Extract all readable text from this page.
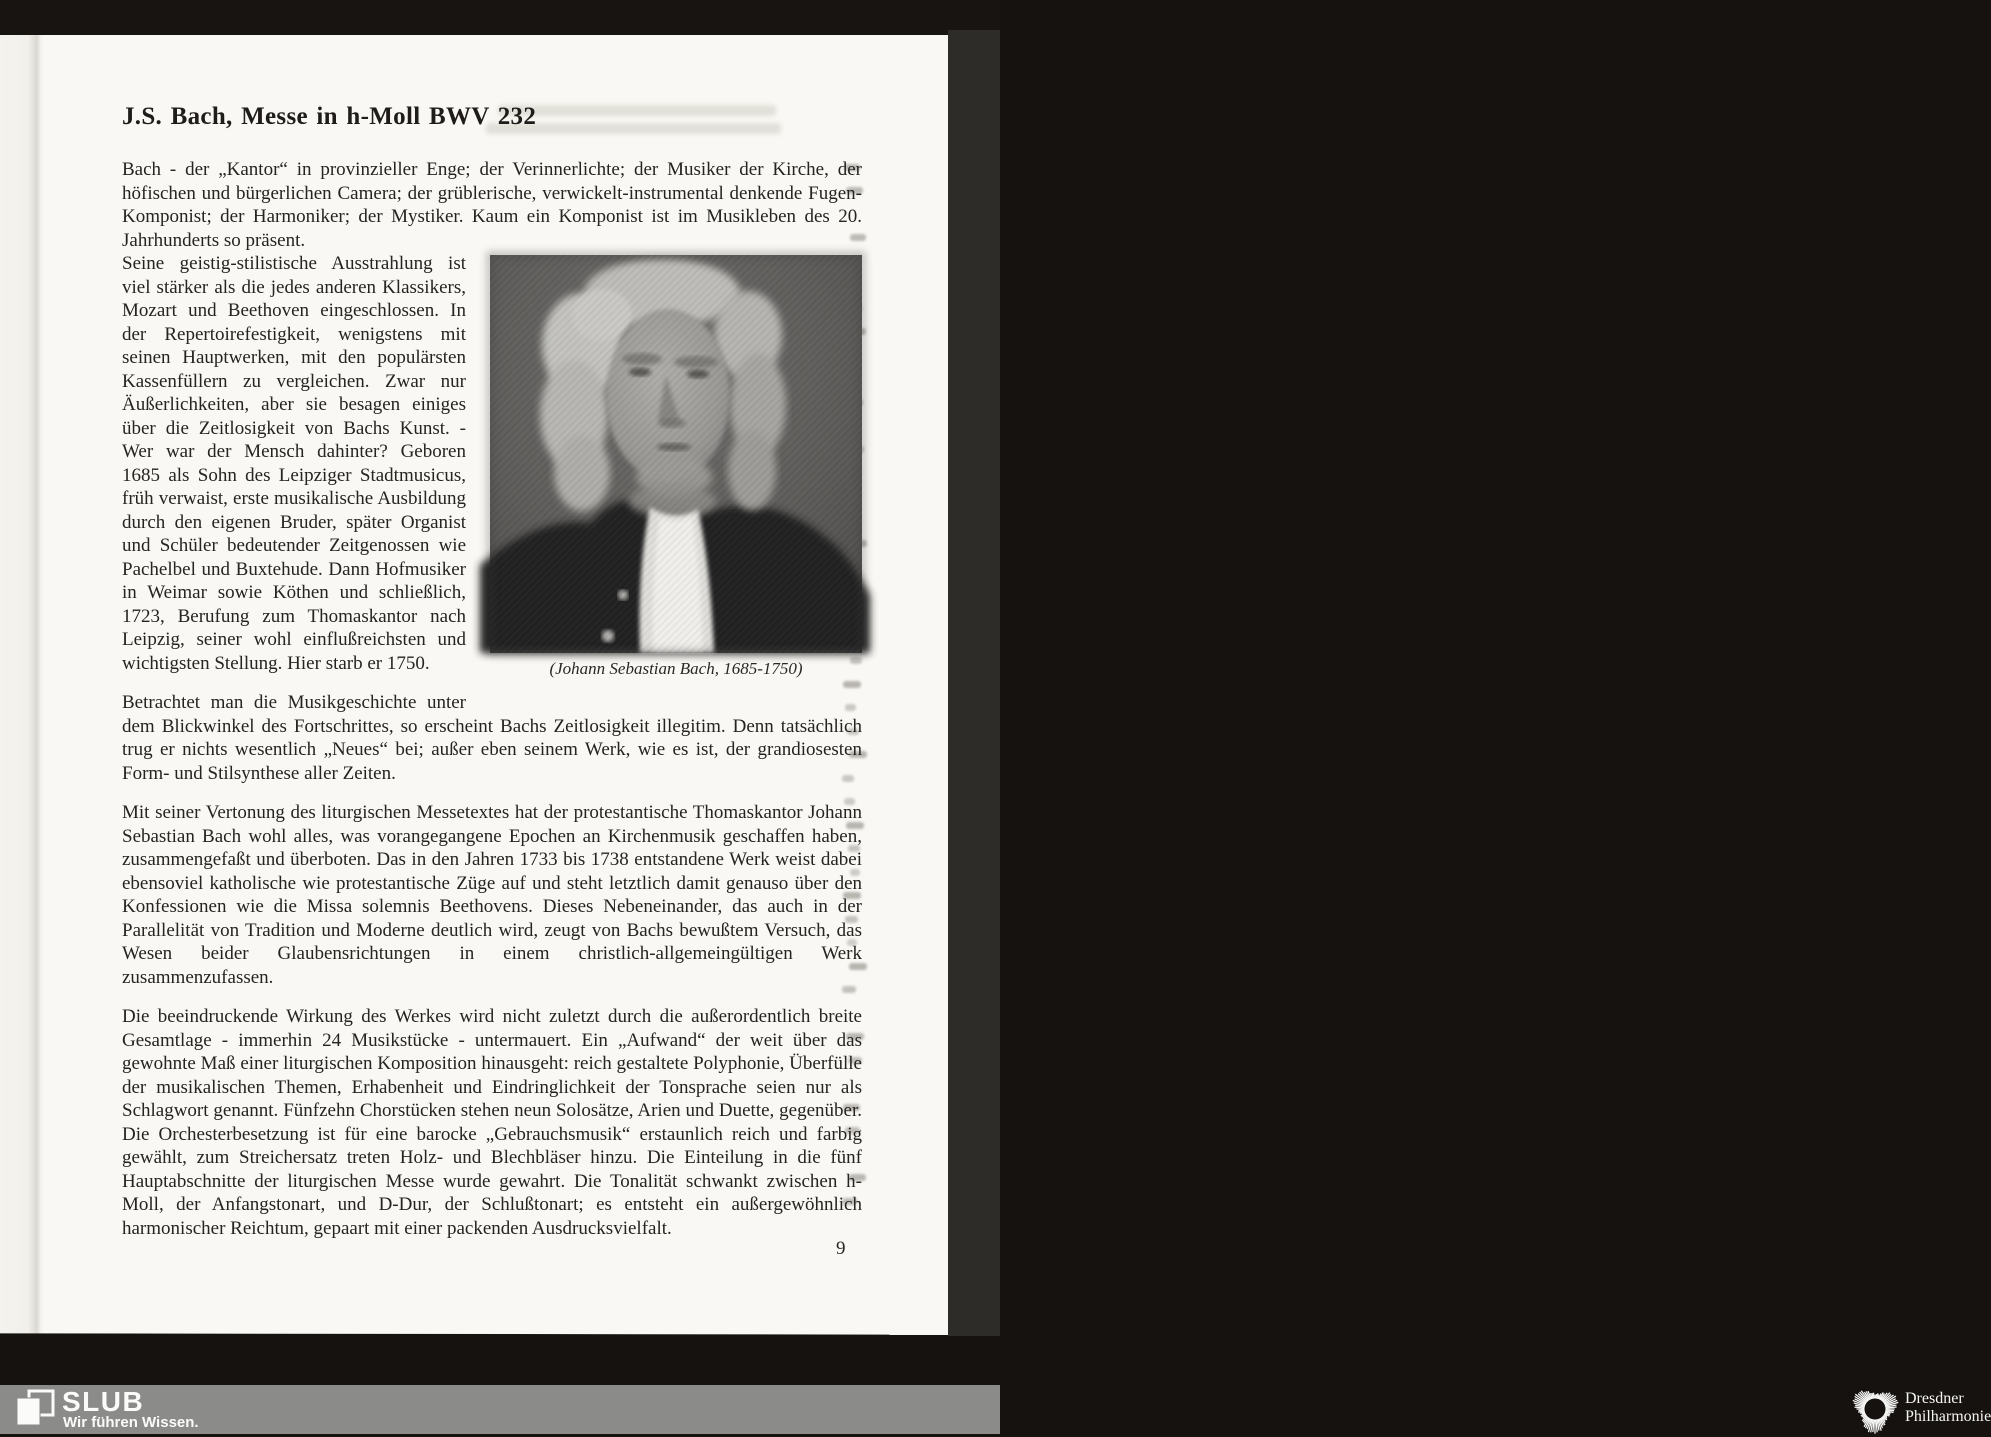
J.S. Bach, Messe in h-Moll BWV 232

Bach - der „Kantor“ in provinzieller Enge; der Verinnerlichte; der Musiker der Kirche, der höfischen und bürgerlichen Camera; der grüblerische, verwickelt-instrumental denkende Fugen-Komponist; der Harmoniker; der Mystiker. Kaum ein Komponist ist im Musikleben des 20. Jahrhunderts so präsent.

(Johann Sebastian Bach, 1685-1750)

Seine geistig-stilistische Ausstrahlung ist viel stärker als die jedes anderen Klassikers, Mozart und Beethoven eingeschlossen. In der Repertoirefestigkeit, wenigstens mit seinen Hauptwerken, mit den populärsten Kassenfüllern zu vergleichen. Zwar nur Äußerlichkeiten, aber sie besagen einiges über die Zeitlosigkeit von Bachs Kunst. - Wer war der Mensch dahinter? Geboren 1685 als Sohn des Leipziger Stadtmusicus, früh verwaist, erste musikalische Ausbildung durch den eigenen Bruder, später Organist und Schüler bedeutender Zeitgenossen wie Pachelbel und Buxtehude. Dann Hofmusiker in Weimar sowie Köthen und schließlich, 1723, Berufung zum Thomaskantor nach Leipzig, seiner wohl einflußreichsten und wichtigsten Stellung. Hier starb er 1750.

Betrachtet man die Musikgeschichte unter dem Blickwinkel des Fortschrittes, so erscheint Bachs Zeitlosigkeit illegitim. Denn tatsächlich trug er nichts wesentlich „Neues“ bei; außer eben seinem Werk, wie es ist, der grandiosesten Form- und Stilsynthese aller Zeiten.

Mit seiner Vertonung des liturgischen Messetextes hat der protestantische Thomaskantor Johann Sebastian Bach wohl alles, was vorangegangene Epochen an Kirchenmusik geschaffen haben, zusammengefaßt und überboten. Das in den Jahren 1733 bis 1738 entstandene Werk weist dabei ebensoviel katholische wie protestantische Züge auf und steht letztlich damit genauso über den Konfessionen wie die Missa solemnis Beethovens. Dieses Nebeneinander, das auch in der Parallelität von Tradition und Moderne deutlich wird, zeugt von Bachs bewußtem Versuch, das Wesen beider Glaubensrichtungen in einem christlich-allgemeingültigen Werk zusammenzufassen.

Die beeindruckende Wirkung des Werkes wird nicht zuletzt durch die außerordentlich breite Gesamtlage - immerhin 24 Musikstücke - untermauert. Ein „Aufwand“ der weit über das gewohnte Maß einer liturgischen Komposition hinausgeht: reich gestaltete Polyphonie, Überfülle der musikalischen Themen, Erhabenheit und Eindringlichkeit der Tonsprache seien nur als Schlagwort genannt. Fünfzehn Chorstücken stehen neun Solosätze, Arien und Duette, gegenüber. Die Orchesterbesetzung ist für eine barocke „Gebrauchsmusik“ erstaunlich reich und farbig gewählt, zum Streichersatz treten Holz- und Blechbläser hinzu. Die Einteilung in die fünf Hauptabschnitte der liturgischen Messe wurde gewahrt. Die Tonalität schwankt zwischen h-Moll, der Anfangstonart, und D-Dur, der Schlußtonart; es entsteht ein außergewöhnlich harmonischer Reichtum, gepaart mit einer packenden Ausdrucksvielfalt.

9
SLUB
Wir führen Wissen.
Dresdner
Philharmonie
